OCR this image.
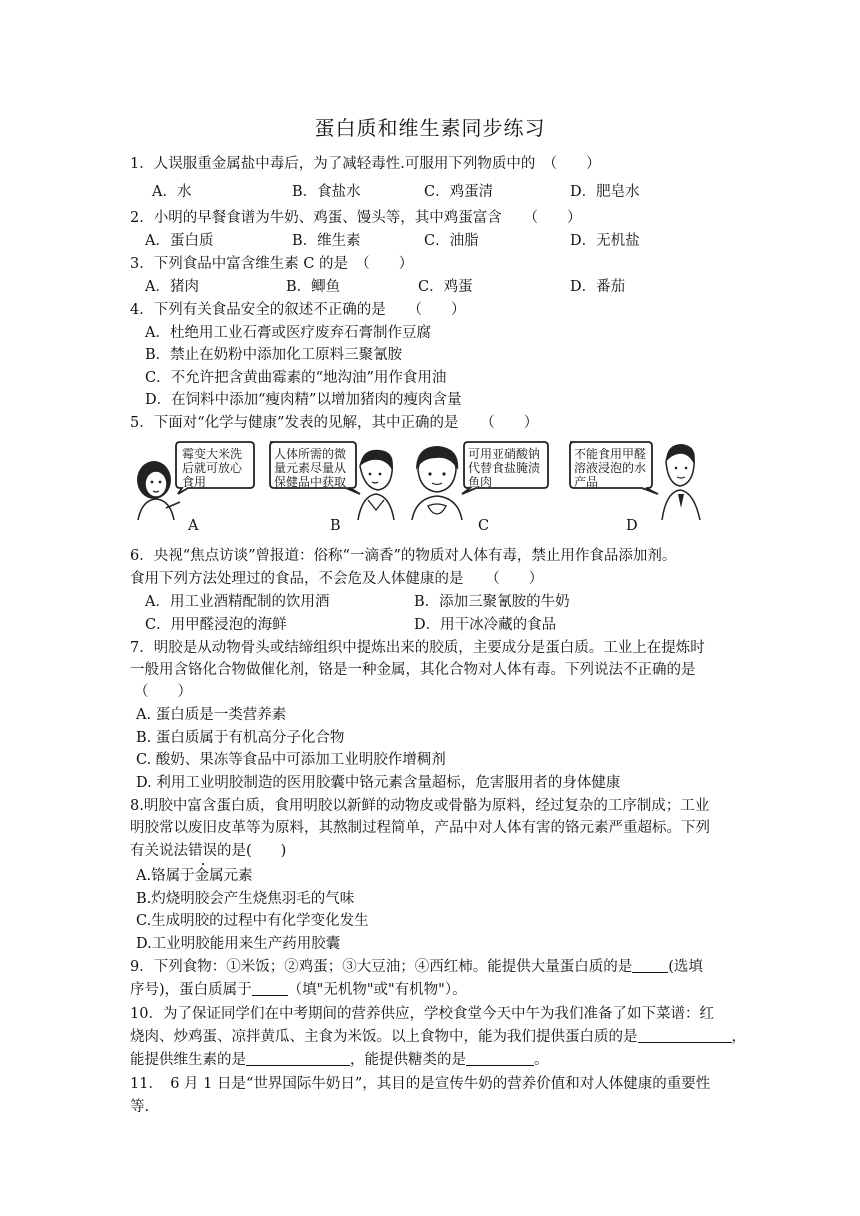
蛋白质和维生素同步练习
1．人误服重金属盐中毒后，为了减轻毒性.可服用下列物质中的　（　　）
A．水	B．食盐水	C．鸡蛋清	D．肥皂水
2．小明的早餐食谱为牛奶、鸡蛋、馒头等，其中鸡蛋富含　　（　　）
A．蛋白质	B．维生素	C．油脂	D．无机盐
3．下列食品中富含维生素 C 的是　（　　）
A．猪肉	B．鲫鱼	C．鸡蛋	D．番茄
4．下列有关食品安全的叙述不正确的是　　（　　）
A．杜绝用工业石膏或医疗废弃石膏制作豆腐
B．禁止在奶粉中添加化工原料三聚氰胺
C．不允许把含黄曲霉素的“地沟油”用作食用油
D．在饲料中添加“瘦肉精”以增加猪肉的瘦肉含量
5．下面对“化学与健康”发表的见解，其中正确的是　　（　　）
霉变大米洗
后就可放心
食用
人体所需的微
量元素尽量从
保健品中获取
可用亚硝酸钠
代替食盐腌渍
鱼肉
不能食用甲醛
溶液浸泡的水
产品
A	B	C	D
6．央视“焦点访谈”曾报道：俗称“一滴香”的物质对人体有毒，禁止用作食品添加剂。
食用下列方法处理过的食品，不会危及人体健康的是　　（　　）
A．用工业酒精配制的饮用酒	B．添加三聚氰胺的牛奶
C．用甲醛浸泡的海鲜	D．用干冰冷藏的食品
7．明胶是从动物骨头或结缔组织中提炼出来的胶质，主要成分是蛋白质。工业上在提炼时
一般用含铬化合物做催化剂，铬是一种金属，其化合物对人体有毒。下列说法不正确的是
（　　）
A. 蛋白质是一类营养素
B. 蛋白质属于有机高分子化合物
C. 酸奶、果冻等食品中可添加工业明胶作增稠剂
D. 利用工业明胶制造的医用胶囊中铬元素含量超标，危害服用者的身体健康
8.明胶中富含蛋白质，食用明胶以新鲜的动物皮或骨骼为原料，经过复杂的工序制成；工业
明胶常以废旧皮革等为原料，其熬制过程简单，产品中对人体有害的铬元素严重超标。下列
有关说法错误的是(　　)
A.铬属于金属元素
B.灼烧明胶会产生烧焦羽毛的气味
C.生成明胶的过程中有化学变化发生
D.工业明胶能用来生产药用胶囊
9．下列食物：①米饭；②鸡蛋；③大豆油；④西红柿。能提供大量蛋白质的是 (选填
序号)，蛋白质属于 （填"无机物"或"有机物"）。
10．为了保证同学们在中考期间的营养供应，学校食堂今天中午为我们准备了如下菜谱：红
烧肉、炒鸡蛋、凉拌黄瓜、主食为米饭。以上食物中，能为我们提供蛋白质的是	，
能提供维生素的是	，能提供糖类的是	。
11．　6 月 1 日是“世界国际牛奶日”，其目的是宣传牛奶的营养价值和对人体健康的重要性
等.
